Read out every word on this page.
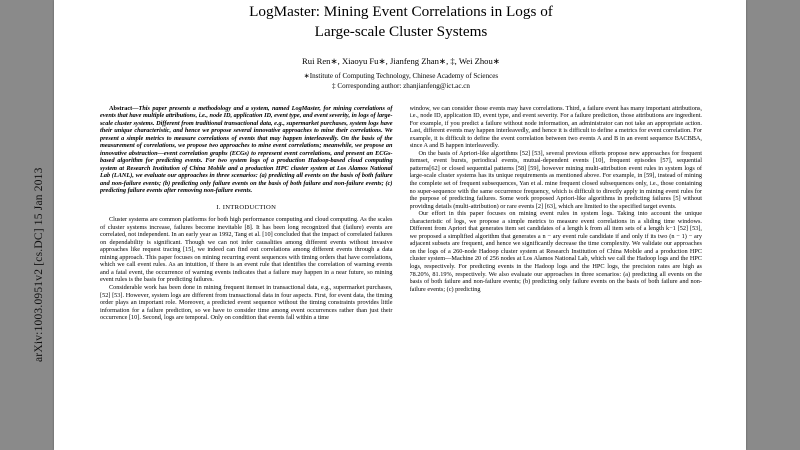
arXiv:1003.0951v2 [cs.DC] 15 Jan 2013
LogMaster: Mining Event Correlations in Logs of
Large-scale Cluster Systems
Rui Ren∗, Xiaoyu Fu∗, Jianfeng Zhan∗, ‡, Wei Zhou∗
∗Institute of Computing Technology, Chinese Academy of Sciences
‡ Corresponding author: zhanjianfeng@ict.ac.cn
Abstract—This paper presents a methodology and a system, named LogMaster, for mining correlations of events that have multiple attributions, i.e., node ID, application ID, event type, and event severity, in logs of large-scale cluster systems. Different from traditional transactional data, e.g., supermarket purchases, system logs have their unique characteristic, and hence we propose several innovative approaches to mine their correlations. We present a simple metrics to measure correlations of events that may happen interleavedly. On the basis of the measurement of correlations, we propose two approaches to mine event correlations; meanwhile, we propose an innovative abstraction—event correlation graphs (ECGs) to represent event correlations, and present an ECGs-based algorithm for predicting events. For two system logs of a production Hadoop-based cloud computing system at Research Institution of China Mobile and a production HPC cluster system at Los Alamos National Lab (LANL), we evaluate our approaches in three scenarios: (a) predicting all events on the basis of both failure and non-failure events; (b) predicting only failure events on the basis of both failure and non-failure events; (c) predicting failure events after removing non-failure events.
I. INTRODUCTION

Cluster systems are common platforms for both high performance computing and cloud computing. As the scales of cluster systems increase, failures become inevitable [8]. It has been long recognized that (failure) events are correlated, not independent. In an early year as 1992, Tang et al. [10] concluded that the impact of correlated failures on dependability is significant. Though we can not infer causalities among different events without invasive approaches like request tracing [15], we indeed can find out correlations among different events through a data mining approach. This paper focuses on mining recurring event sequences with timing orders that have correlations, which we call event rules. As an intuition, if there is an event rule that identifies the correlation of warning events and a fatal event, the occurrence of warning events indicates that a failure may happen in a near future, so mining event rules is the basis for predicting failures.

Considerable work has been done in mining frequent itemset in transactional data, e.g., supermarket purchases, [52] [53]. However, system logs are different from transactional data in four aspects. First, for event data, the timing order plays an important role. Moreover, a predicted event sequence without the timing constraints provides little information for a failure prediction, so we have to consider time among event occurrences rather than just their occurrence [10]. Second, logs are temporal. Only on condition that events fall within a time

window, we can consider those events may have correlations. Third, a failure event has many important attributions, i.e., node ID, application ID, event type, and event severity. For a failure prediction, those attributions are ingredient. For example, if you predict a failure without node information, an administrator can not take an appropriate action. Last, different events may happen interleavedly, and hence it is difficult to define a metrics for event correlation. For example, it is difficult to define the event correlation between two events A and B in an event sequence BACBBA, since A and B happen interleavedly.

On the basis of Apriori-like algorithms [52] [53], several previous efforts propose new approaches for frequent itemset, event bursts, periodical events, mutual-dependent events [10], frequent episodes [57], sequential patterns[62] or closed sequential patterns [58] [59], however mining multi-attribution event rules in system logs of large-scale cluster systems has its unique requirements as mentioned above. For example, in [59], instead of mining the complete set of frequent subsequences, Yan et al. mine frequent closed subsequences only, i.e., those containing no super-sequence with the same occurrence frequency, which is difficult to directly apply in mining event rules for the purpose of predicting failures. Some work proposed Apriori-like algorithms in predicting failures [5] without providing details (multi-attribution) or rare events [2] [63], which are limited to the specified target events.

Our effort in this paper focuses on mining event rules in system logs. Taking into account the unique characteristic of logs, we propose a simple metrics to measure event correlations in a sliding time windows. Different from Apriori that generates item set candidates of a length k from all item sets of a length k−1 [52] [53], we proposed a simplified algorithm that generates a n − ary event rule candidate if and only if its two (n − 1) − ary adjacent subsets are frequent, and hence we significantly decrease the time complexity. We validate our approaches on the logs of a 260-node Hadoop cluster system at Research Institution of China Mobile and a production HPC cluster system—Machine 20 of 256 nodes at Los Alamos National Lab, which we call the Hadoop logs and the HPC logs, respectively. For predicting events in the Hadoop logs and the HPC logs, the precision rates are high as 78.20%, 81.19%, respectively. We also evaluate our approaches in three scenarios: (a) predicting all events on the basis of both failure and non-failure events; (b) predicting only failure events on the basis of both failure and non-failure events; (c) predicting
